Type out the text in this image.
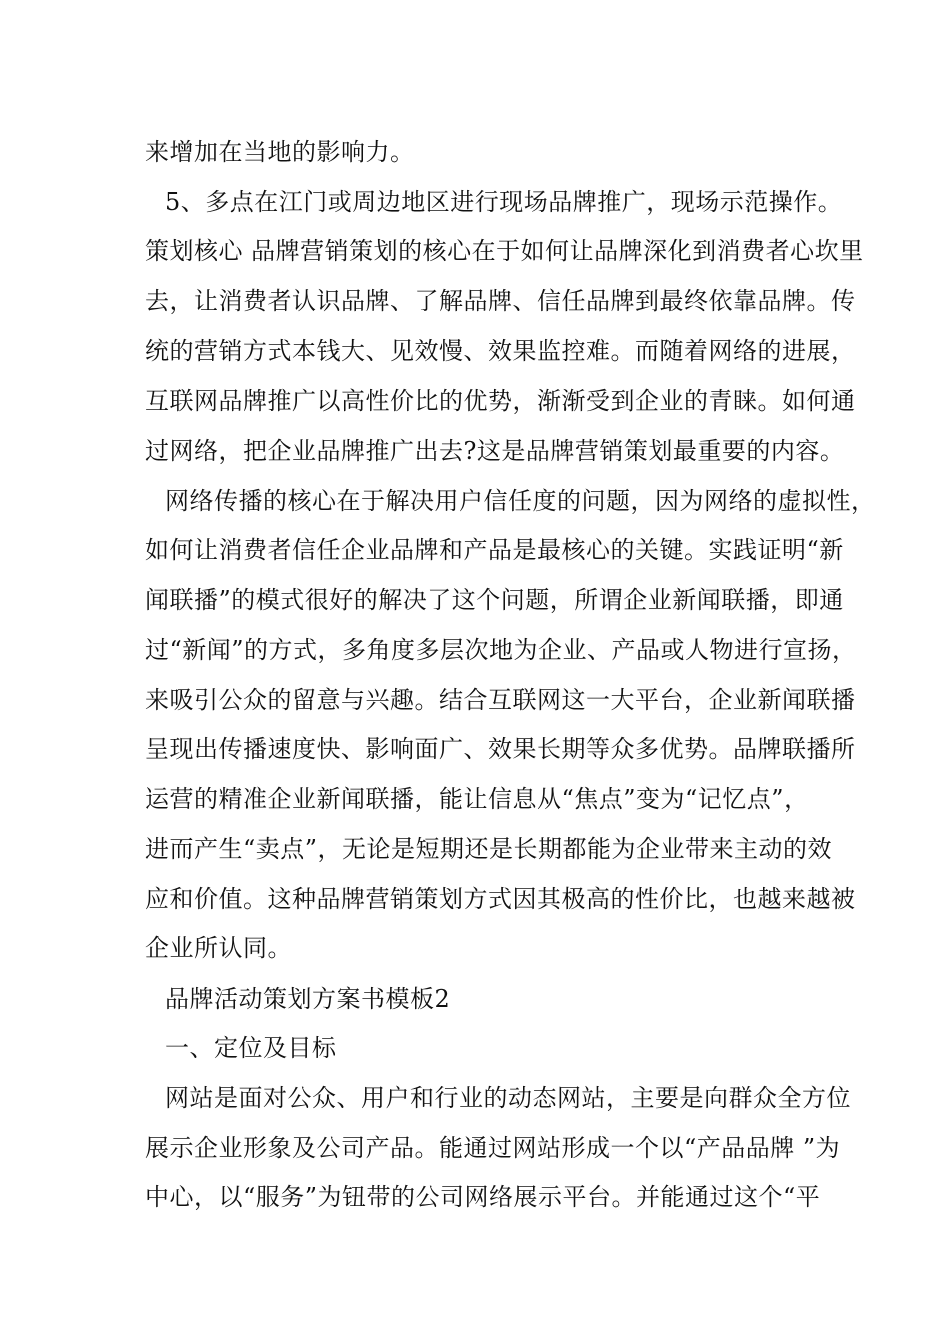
来增加在当地的影响力。
5、多点在江门或周边地区进行现场品牌推广，现场示范操作。
策划核心 品牌营销策划的核心在于如何让品牌深化到消费者心坎里
去，让消费者认识品牌、了解品牌、信任品牌到最终依靠品牌。传
统的营销方式本钱大、见效慢、效果监控难。而随着网络的进展，
互联网品牌推广以高性价比的优势，渐渐受到企业的青睐。如何通
过网络，把企业品牌推广出去?这是品牌营销策划最重要的内容。
网络传播的核心在于解决用户信任度的问题，因为网络的虚拟性，
如何让消费者信任企业品牌和产品是最核心的关键。实践证明“新
闻联播”的模式很好的解决了这个问题，所谓企业新闻联播，即通
过“新闻”的方式，多角度多层次地为企业、产品或人物进行宣扬，
来吸引公众的留意与兴趣。结合互联网这一大平台，企业新闻联播
呈现出传播速度快、影响面广、效果长期等众多优势。品牌联播所
运营的精准企业新闻联播，能让信息从“焦点”变为“记忆点”，
进而产生“卖点”，无论是短期还是长期都能为企业带来主动的效
应和价值。这种品牌营销策划方式因其极高的性价比，也越来越被
企业所认同。
品牌活动策划方案书模板2
一、定位及目标
网站是面对公众、用户和行业的动态网站，主要是向群众全方位
展示企业形象及公司产品。能通过网站形成一个以“产品品牌 ”为
中心，以“服务”为钮带的公司网络展示平台。并能通过这个“平
